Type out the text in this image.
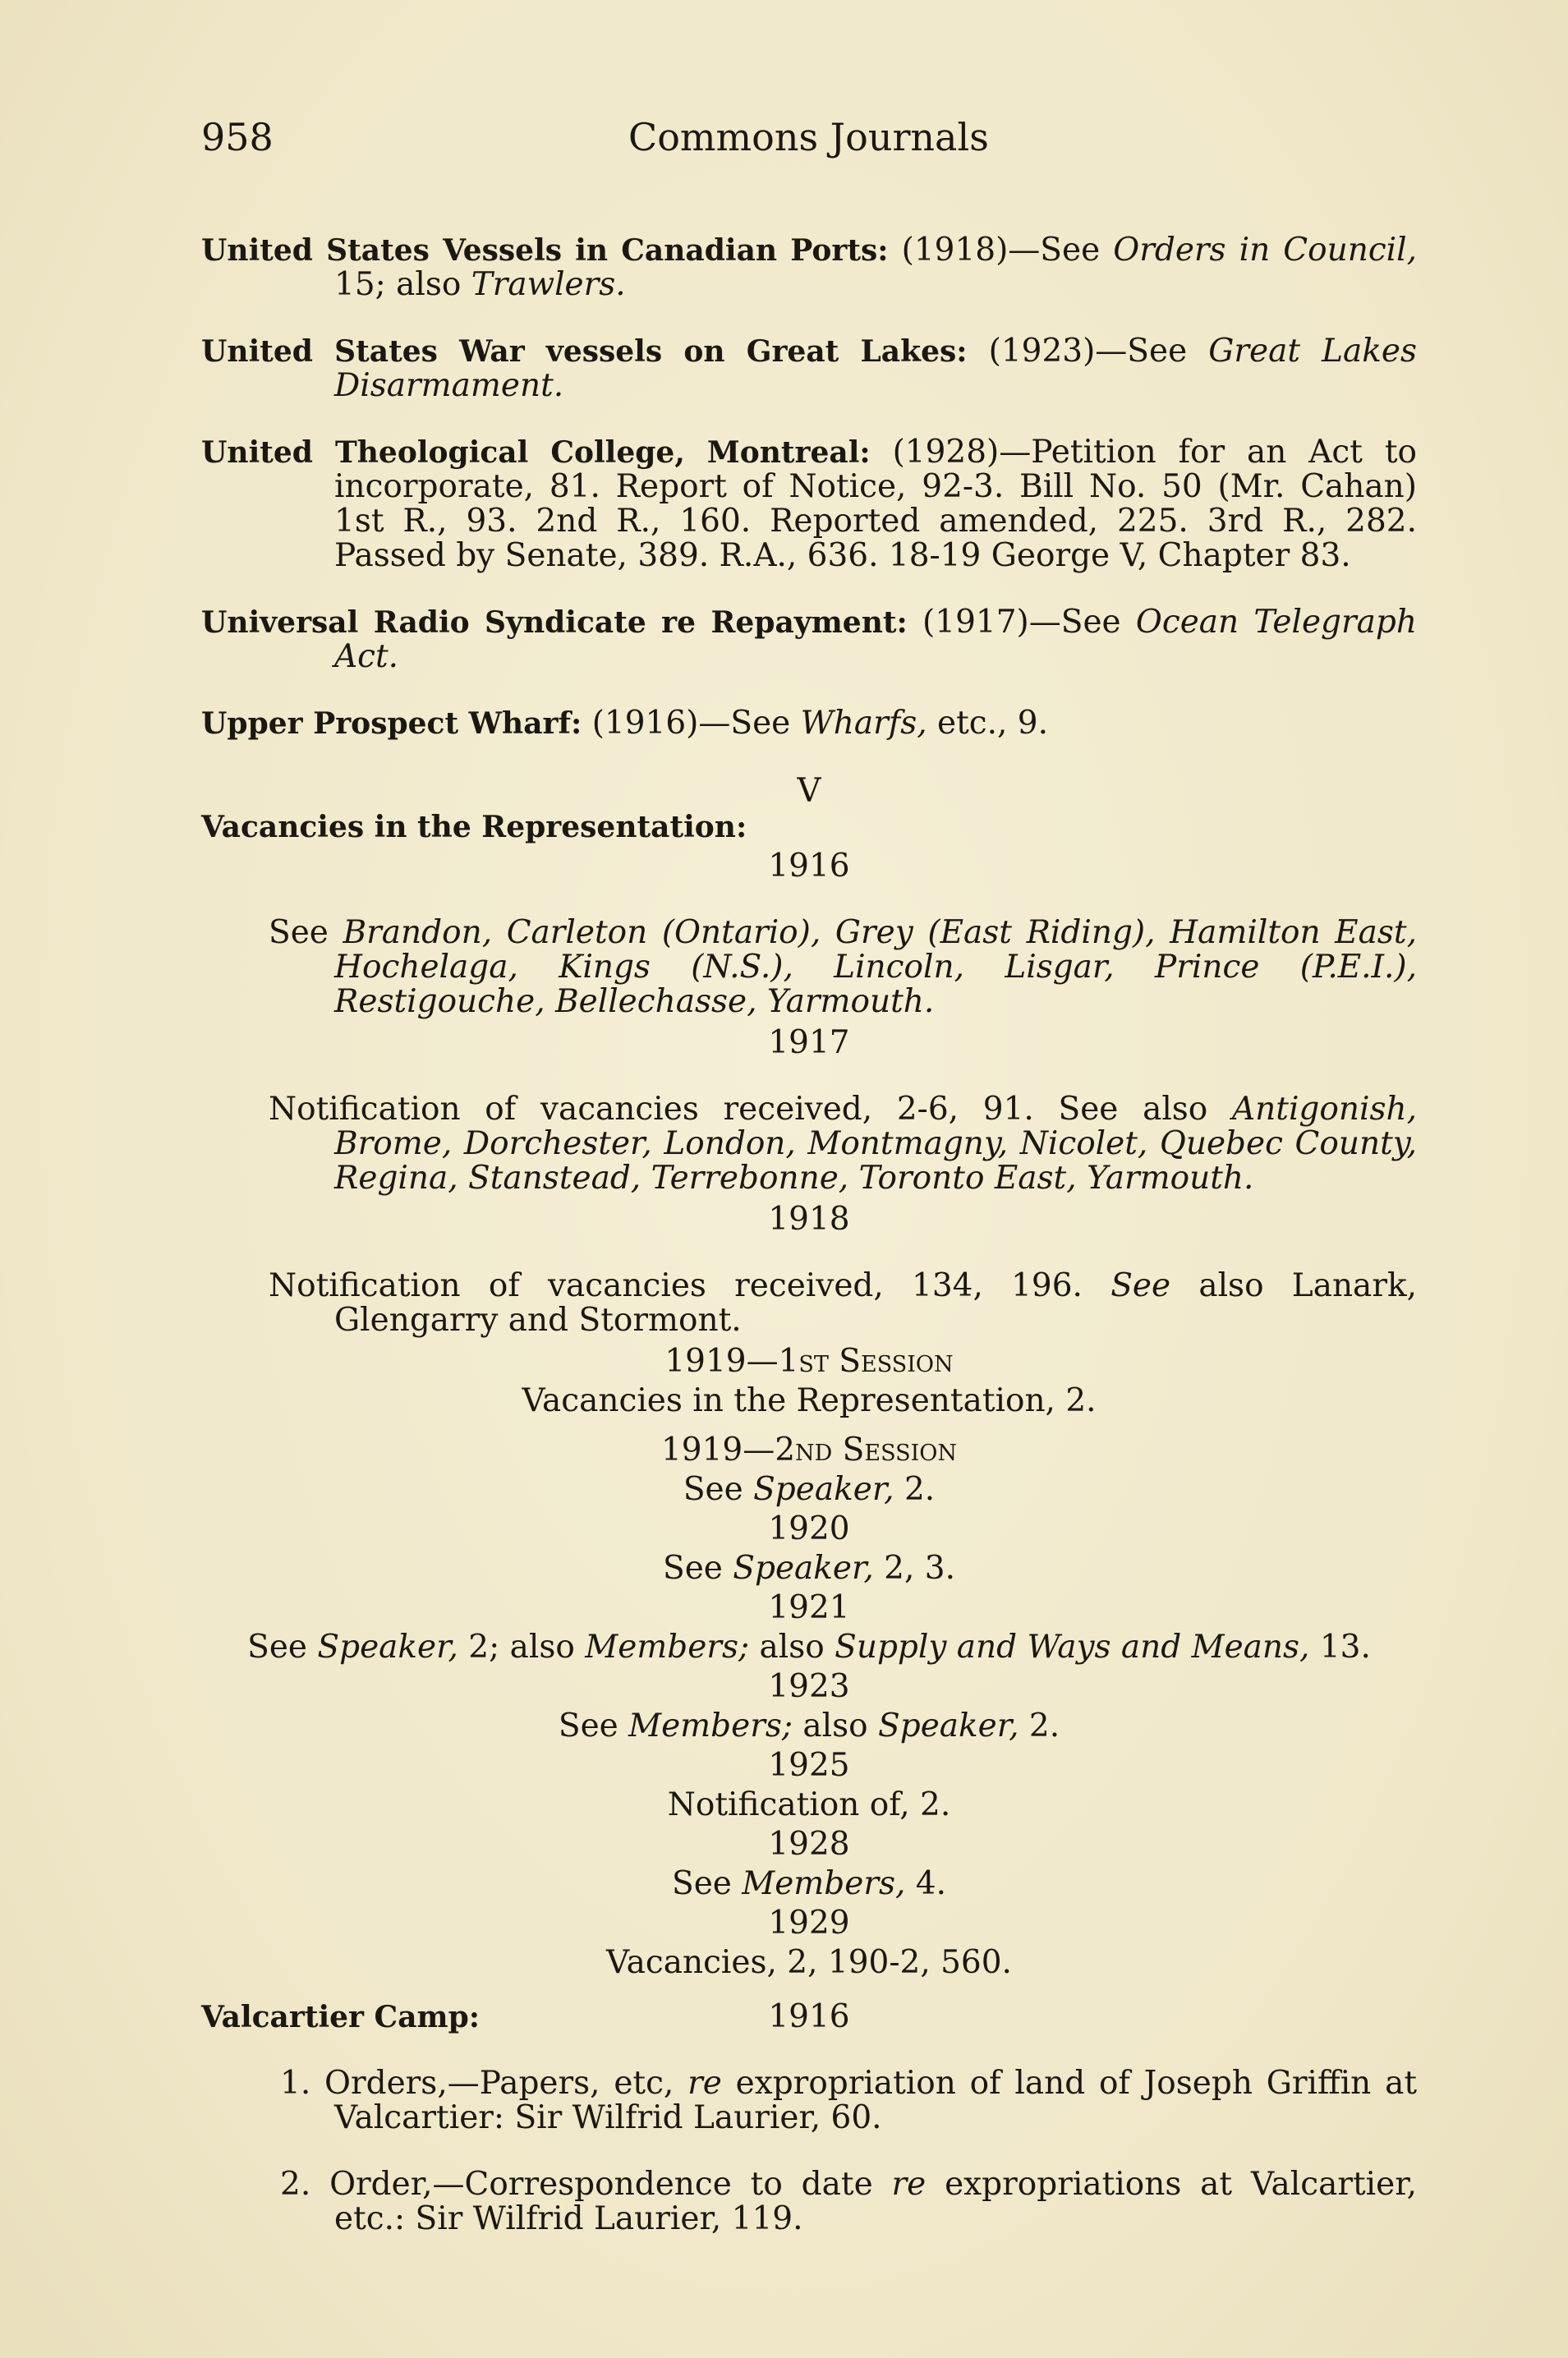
958	Commons Journals

United States Vessels in Canadian Ports: (1918)—See Orders in Council, 15; also Trawlers.

United States War vessels on Great Lakes: (1923)—See Great Lakes Disarmament.

United Theological College, Montreal: (1928)—Petition for an Act to incorporate, 81. Report of Notice, 92-3. Bill No. 50 (Mr. Cahan) 1st R., 93. 2nd R., 160. Reported amended, 225. 3rd R., 282. Passed by Senate, 389. R.A., 636. 18-19 George V, Chapter 83.

Universal Radio Syndicate re Repayment: (1917)—See Ocean Telegraph Act.

Upper Prospect Wharf: (1916)—See Wharfs, etc., 9.

V
Vacancies in the Representation:
1916

See Brandon, Carleton (Ontario), Grey (East Riding), Hamilton East, Hochelaga, Kings (N.S.), Lincoln, Lisgar, Prince (P.E.I.), Restigouche, Bellechasse, Yarmouth.

1917

Notification of vacancies received, 2-6, 91. See also Antigonish, Brome, Dorchester, London, Montmagny, Nicolet, Quebec County, Regina, Stanstead, Terrebonne, Toronto East, Yarmouth.

1918

Notification of vacancies received, 134, 196. See also Lanark, Glengarry and Stormont.

1919—1st Session
Vacancies in the Representation, 2.
1919—2nd Session
See Speaker, 2.
1920
See Speaker, 2, 3.
1921
See Speaker, 2; also Members; also Supply and Ways and Means, 13.
1923
See Members; also Speaker, 2.
1925
Notification of, 2.
1928
See Members, 4.
1929
Vacancies, 2, 190-2, 560.
1916
Valcartier Camp:

1. Orders,—Papers, etc, re expropriation of land of Joseph Griffin at Valcartier: Sir Wilfrid Laurier, 60.

2. Order,—Correspondence to date re expropriations at Valcartier, etc.: Sir Wilfrid Laurier, 119.
